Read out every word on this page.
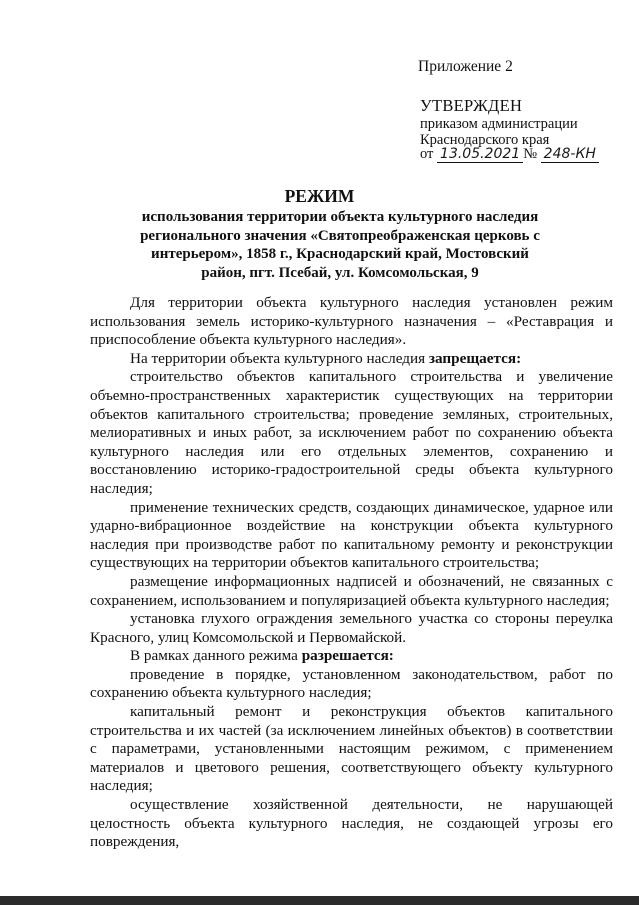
Приложение 2
УТВЕРЖДЕН
приказом администрации
Краснодарского края
от 13.05.2021 № 248-КН
РЕЖИМ
использования территории объекта культурного наследия регионального значения «Святопреображенская церковь с интерьером», 1858 г., Краснодарский край, Мостовский район, пгт. Псебай, ул. Комсомольская, 9

Для территории объекта культурного наследия установлен режим использования земель историко-культурного назначения – «Реставрация и приспособление объекта культурного наследия».

На территории объекта культурного наследия запрещается:

строительство объектов капитального строительства и увеличение объемно-пространственных характеристик существующих на территории объектов капитального строительства; проведение земляных, строительных, мелиоративных и иных работ, за исключением работ по сохранению объекта культурного наследия или его отдельных элементов, сохранению и восстановлению историко-градостроительной среды объекта культурного наследия;

применение технических средств, создающих динамическое, ударное или ударно-вибрационное воздействие на конструкции объекта культурного наследия при производстве работ по капитальному ремонту и реконструкции существующих на территории объектов капитального строительства;

размещение информационных надписей и обозначений, не связанных с сохранением, использованием и популяризацией объекта культурного наследия;

установка глухого ограждения земельного участка со стороны переулка Красного, улиц Комсомольской и Первомайской.

В рамках данного режима разрешается:

проведение в порядке, установленном законодательством, работ по сохранению объекта культурного наследия;

капитальный ремонт и реконструкция объектов капитального строительства и их частей (за исключением линейных объектов) в соответствии с параметрами, установленными настоящим режимом, с применением материалов и цветового решения, соответствующего объекту культурного наследия;

осуществление хозяйственной деятельности, не нарушающей целостность объекта культурного наследия, не создающей угрозы его повреждения,
